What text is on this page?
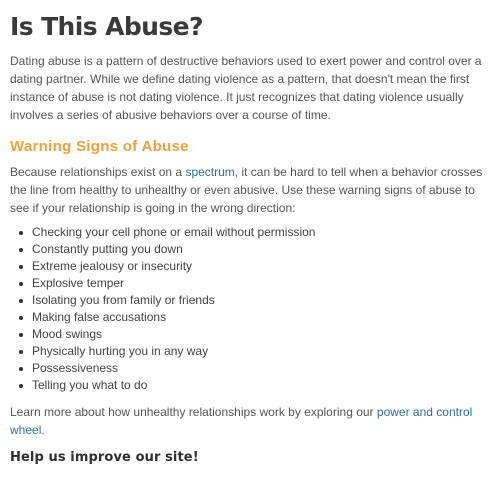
Is This Abuse?

Dating abuse is a pattern of destructive behaviors used to exert power and control over a dating partner. While we define dating violence as a pattern, that doesn't mean the first instance of abuse is not dating violence. It just recognizes that dating violence usually involves a series of abusive behaviors over a course of time.

Warning Signs of Abuse

Because relationships exist on a spectrum, it can be hard to tell when a behavior crosses the line from healthy to unhealthy or even abusive. Use these warning signs of abuse to see if your relationship is going in the wrong direction:

Checking your cell phone or email without permission
Constantly putting you down
Extreme jealousy or insecurity
Explosive temper
Isolating you from family or friends
Making false accusations
Mood swings
Physically hurting you in any way
Possessiveness
Telling you what to do

Learn more about how unhealthy relationships work by exploring our power and control wheel.

Help us improve our site!
